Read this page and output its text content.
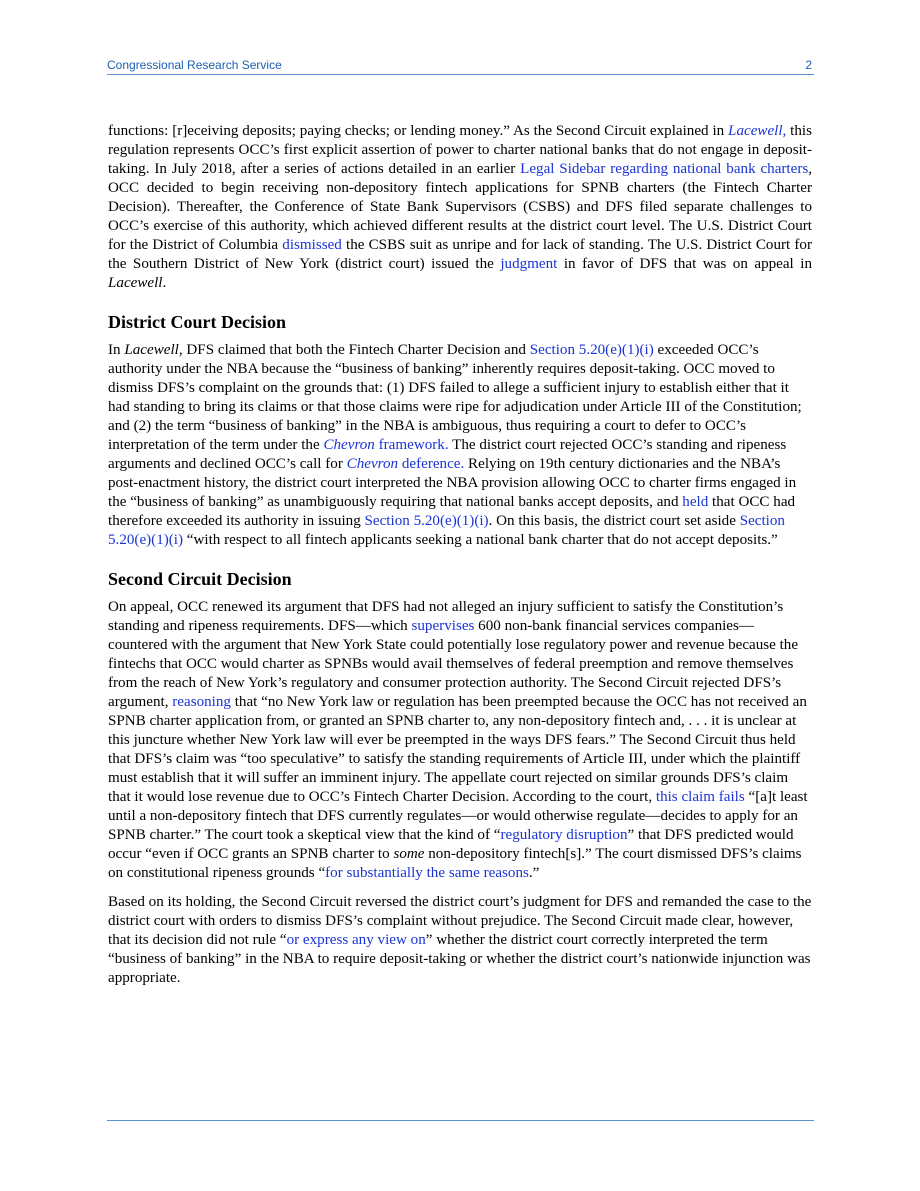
Congressional Research Service	2

functions: [r]eceiving deposits; paying checks; or lending money.” As the Second Circuit explained in Lacewell, this regulation represents OCC’s first explicit assertion of power to charter national banks that do not engage in deposit-taking. In July 2018, after a series of actions detailed in an earlier Legal Sidebar regarding national bank charters, OCC decided to begin receiving non-depository fintech applications for SPNB charters (the Fintech Charter Decision). Thereafter, the Conference of State Bank Supervisors (CSBS) and DFS filed separate challenges to OCC’s exercise of this authority, which achieved different results at the district court level. The U.S. District Court for the District of Columbia dismissed the CSBS suit as unripe and for lack of standing. The U.S. District Court for the Southern District of New York (district court) issued the judgment in favor of DFS that was on appeal in Lacewell.

District Court Decision

In Lacewell, DFS claimed that both the Fintech Charter Decision and Section 5.20(e)(1)(i) exceeded OCC’s authority under the NBA because the “business of banking” inherently requires deposit-taking. OCC moved to dismiss DFS’s complaint on the grounds that: (1) DFS failed to allege a sufficient injury to establish either that it had standing to bring its claims or that those claims were ripe for adjudication under Article III of the Constitution; and (2) the term “business of banking” in the NBA is ambiguous, thus requiring a court to defer to OCC’s interpretation of the term under the Chevron framework. The district court rejected OCC’s standing and ripeness arguments and declined OCC’s call for Chevron deference. Relying on 19th century dictionaries and the NBA’s post-enactment history, the district court interpreted the NBA provision allowing OCC to charter firms engaged in the “business of banking” as unambiguously requiring that national banks accept deposits, and held that OCC had therefore exceeded its authority in issuing Section 5.20(e)(1)(i). On this basis, the district court set aside Section 5.20(e)(1)(i) “with respect to all fintech applicants seeking a national bank charter that do not accept deposits.”

Second Circuit Decision

On appeal, OCC renewed its argument that DFS had not alleged an injury sufficient to satisfy the Constitution’s standing and ripeness requirements. DFS—which supervises 600 non-bank financial services companies—countered with the argument that New York State could potentially lose regulatory power and revenue because the fintechs that OCC would charter as SPNBs would avail themselves of federal preemption and remove themselves from the reach of New York’s regulatory and consumer protection authority. The Second Circuit rejected DFS’s argument, reasoning that “no New York law or regulation has been preempted because the OCC has not received an SPNB charter application from, or granted an SPNB charter to, any non-depository fintech and, . . . it is unclear at this juncture whether New York law will ever be preempted in the ways DFS fears.” The Second Circuit thus held that DFS’s claim was “too speculative” to satisfy the standing requirements of Article III, under which the plaintiff must establish that it will suffer an imminent injury. The appellate court rejected on similar grounds DFS’s claim that it would lose revenue due to OCC’s Fintech Charter Decision. According to the court, this claim fails “[a]t least until a non-depository fintech that DFS currently regulates—or would otherwise regulate—decides to apply for an SPNB charter.” The court took a skeptical view that the kind of “regulatory disruption” that DFS predicted would occur “even if OCC grants an SPNB charter to some non-depository fintech[s].” The court dismissed DFS’s claims on constitutional ripeness grounds “for substantially the same reasons.”

Based on its holding, the Second Circuit reversed the district court’s judgment for DFS and remanded the case to the district court with orders to dismiss DFS’s complaint without prejudice. The Second Circuit made clear, however, that its decision did not rule “or express any view on” whether the district court correctly interpreted the term “business of banking” in the NBA to require deposit-taking or whether the district court’s nationwide injunction was appropriate.
